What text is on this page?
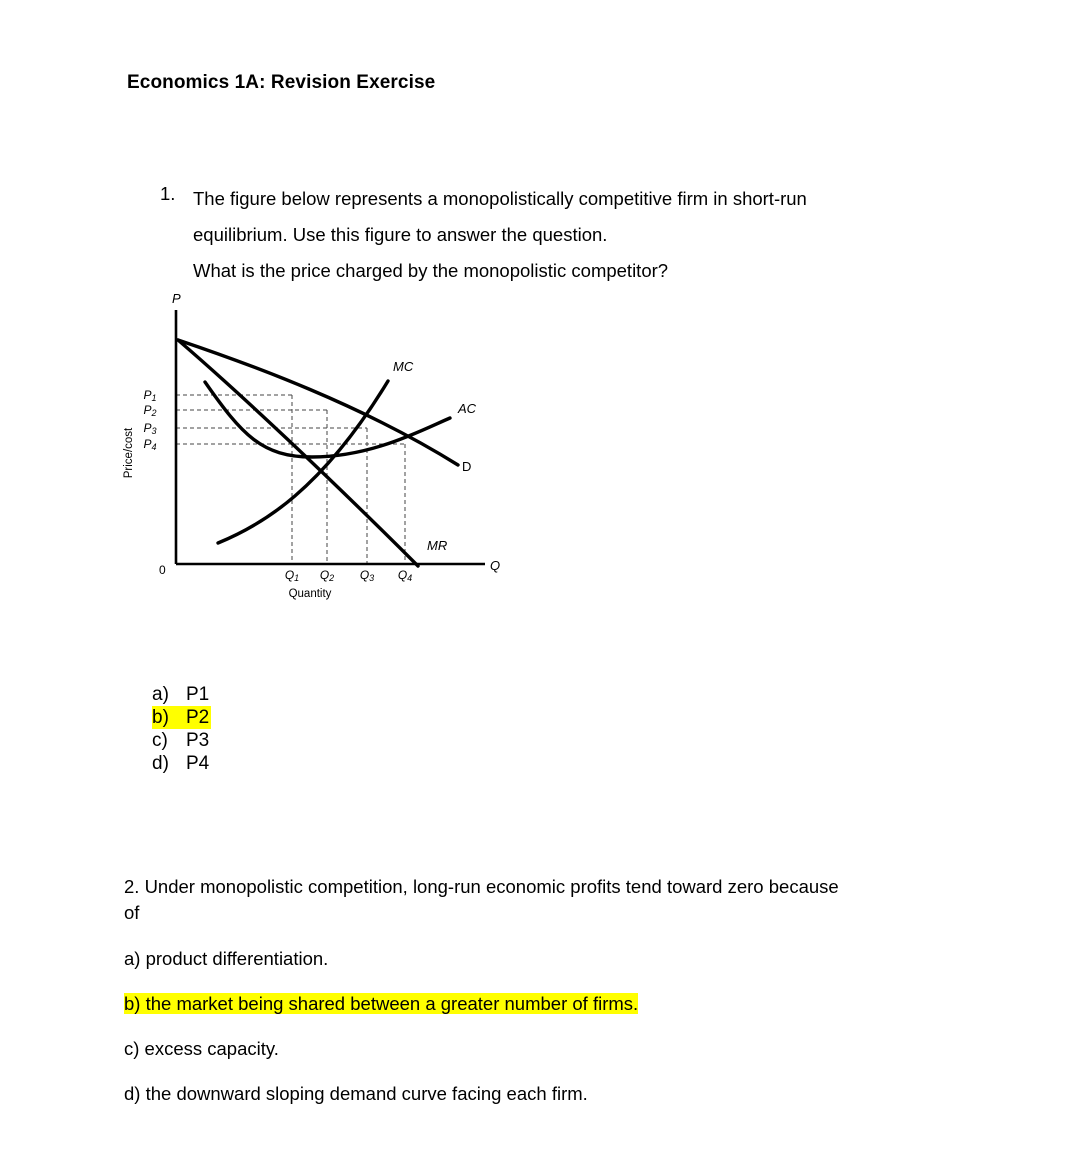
Economics 1A: Revision Exercise
1. The figure below represents a monopolistically competitive firm in short-run
equilibrium. Use this figure to answer the question.
What is the price charged by the monopolistic competitor?
MC
AC
D
MR
P
Q
0
P1
P2
P3
P4
Q1 Q2 Q3 Q4
Quantity
Price/cost
a) P1
b) P2
c) P3
d) P4
2. Under monopolistic competition, long-run economic profits tend toward zero because
of
a) product differentiation.
b) the market being shared between a greater number of firms.
c) excess capacity.
d) the downward sloping demand curve facing each firm.
